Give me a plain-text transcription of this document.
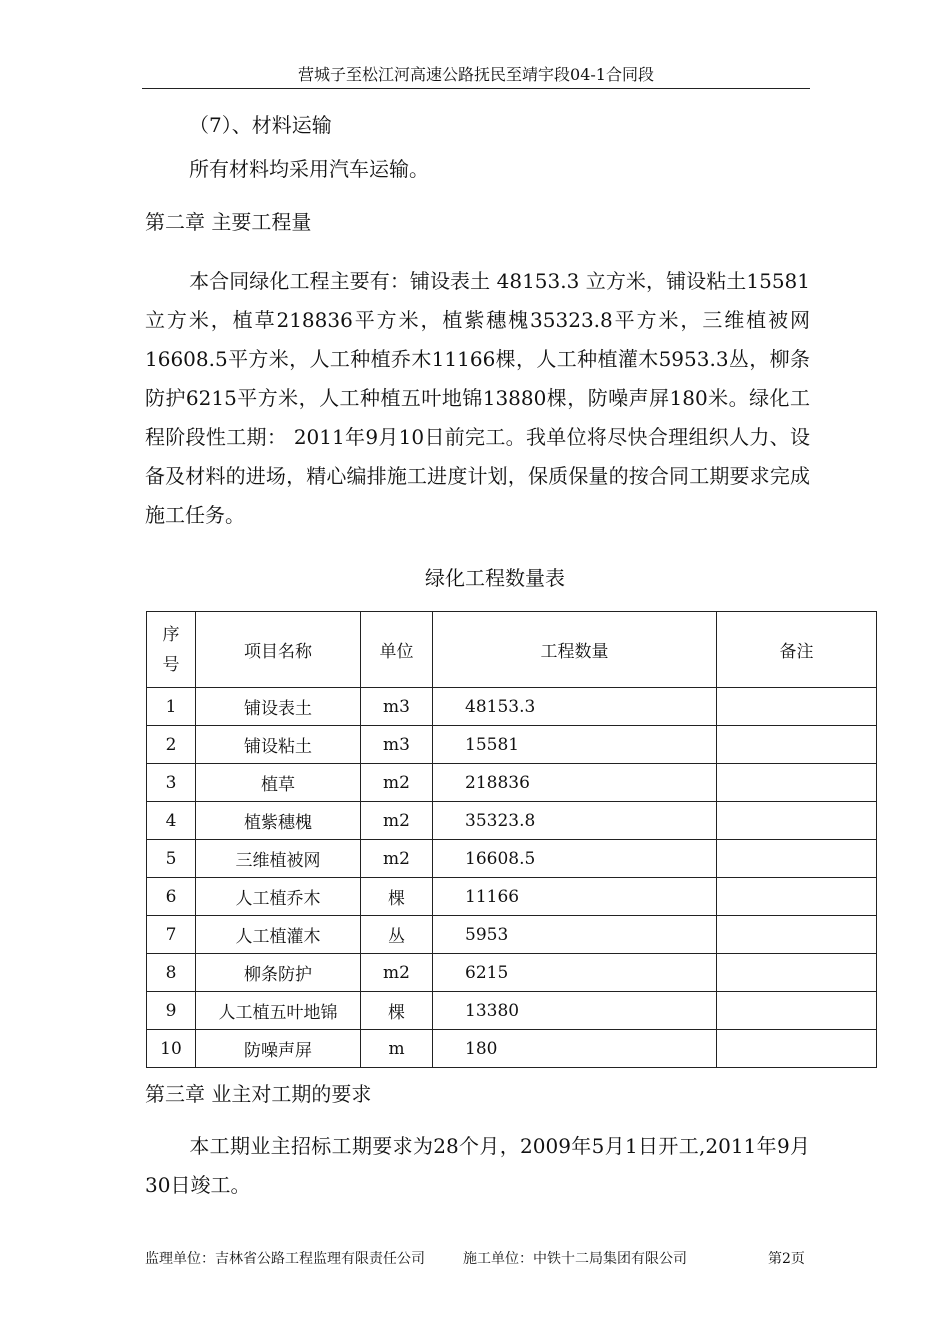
营城子至松江河高速公路抚民至靖宇段04-1合同段
（7）、材料运输
所有材料均采用汽车运输。
第二章 主要工程量
本合同绿化工程主要有：铺设表土 48153.3 立方米，铺设粘土15581立方米，植草218836平方米，植紫穗槐35323.8平方米，三维植被网16608.5平方米，人工种植乔木11166棵，人工种植灌木5953.3丛，柳条防护6215平方米，人工种植五叶地锦13880棵，防噪声屏180米。绿化工程阶段性工期： 2011年9月10日前完工。我单位将尽快合理组织人力、设备及材料的进场，精心编排施工进度计划，保质保量的按合同工期要求完成施工任务。
绿化工程数量表
序号	项目名称	单位	工程数量	备注
1	铺设表土	m3	48153.3	
2	铺设粘土	m3	15581	
3	植草	m2	218836	
4	植紫穗槐	m2	35323.8	
5	三维植被网	m2	16608.5	
6	人工植乔木	棵	11166	
7	人工植灌木	丛	5953	
8	柳条防护	m2	6215	
9	人工植五叶地锦	棵	13380	
10	防噪声屏	m	180	
第三章 业主对工期的要求
本工期业主招标工期要求为28个月，2009年5月1日开工,2011年9月30日竣工。
监理单位：吉林省公路工程监理有限责任公司	施工单位：中铁十二局集团有限公司	第2页
